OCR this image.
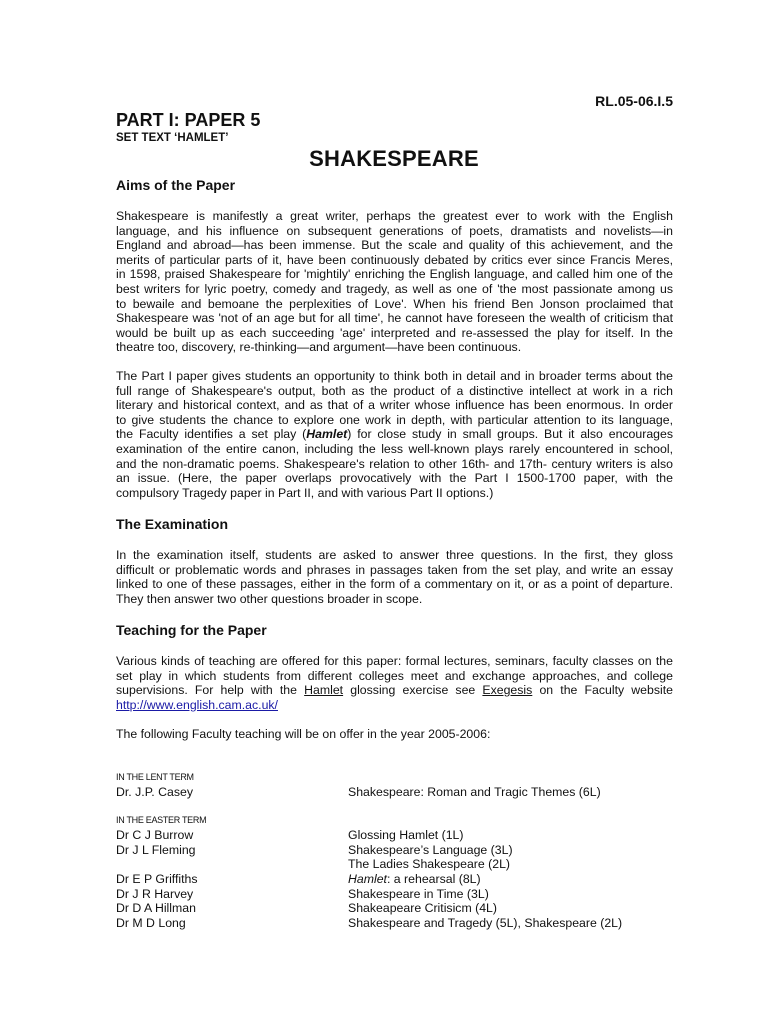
RL.05-06.I.5
PART I: PAPER 5
SET TEXT ‘HAMLET’
SHAKESPEARE
Aims of the Paper
Shakespeare is manifestly a great writer, perhaps the greatest ever to work with the English
language, and his influence on subsequent generations of poets, dramatists and novelists—in
England and abroad—has been immense. But the scale and quality of this achievement, and the
merits of particular parts of it, have been continuously debated by critics ever since Francis Meres,
in 1598, praised Shakespeare for 'mightily' enriching the English language, and called him one of the
best writers for lyric poetry, comedy and tragedy, as well as one of 'the most passionate among us
to bewaile and bemoane the perplexities of Love'. When his friend Ben Jonson proclaimed that
Shakespeare was 'not of an age but for all time', he cannot have foreseen the wealth of criticism that
would be built up as each succeeding 'age' interpreted and re-assessed the play for itself. In the
theatre too, discovery, re-thinking—and argument—have been continuous.
The Part I paper gives students an opportunity to think both in detail and in broader terms about the
full range of Shakespeare's output, both as the product of a distinctive intellect at work in a rich
literary and historical context, and as that of a writer whose influence has been enormous. In order
to give students the chance to explore one work in depth, with particular attention to its language,
the Faculty identifies a set play (Hamlet) for close study in small groups. But it also encourages
examination of the entire canon, including the less well-known plays rarely encountered in school,
and the non-dramatic poems. Shakespeare's relation to other 16th- and 17th- century writers is also
an issue. (Here, the paper overlaps provocatively with the Part I 1500-1700 paper, with the
compulsory Tragedy paper in Part II, and with various Part II options.)
The Examination
In the examination itself, students are asked to answer three questions. In the first, they gloss
difficult or problematic words and phrases in passages taken from the set play, and write an essay
linked to one of these passages, either in the form of a commentary on it, or as a point of departure.
They then answer two other questions broader in scope.
Teaching for the Paper
Various kinds of teaching are offered for this paper: formal lectures, seminars, faculty classes on the
set play in which students from different colleges meet and exchange approaches, and college
supervisions. For help with the Hamlet glossing exercise see Exegesis on the Faculty website
http://www.english.cam.ac.uk/
The following Faculty teaching will be on offer in the year 2005-2006:
IN THE LENT TERM
Dr. J.P. Casey	Shakespeare: Roman and Tragic Themes (6L)
IN THE EASTER TERM
Dr C J Burrow	Glossing Hamlet (1L)
Dr J L Fleming	Shakespeare’s Language (3L)
The Ladies Shakespeare (2L)
Dr E P Griffiths	Hamlet: a rehearsal (8L)
Dr J R Harvey	Shakespeare in Time (3L)
Dr D A Hillman	Shakeapeare Critisicm (4L)
Dr M D Long	Shakespeare and Tragedy (5L), Shakespeare (2L)
